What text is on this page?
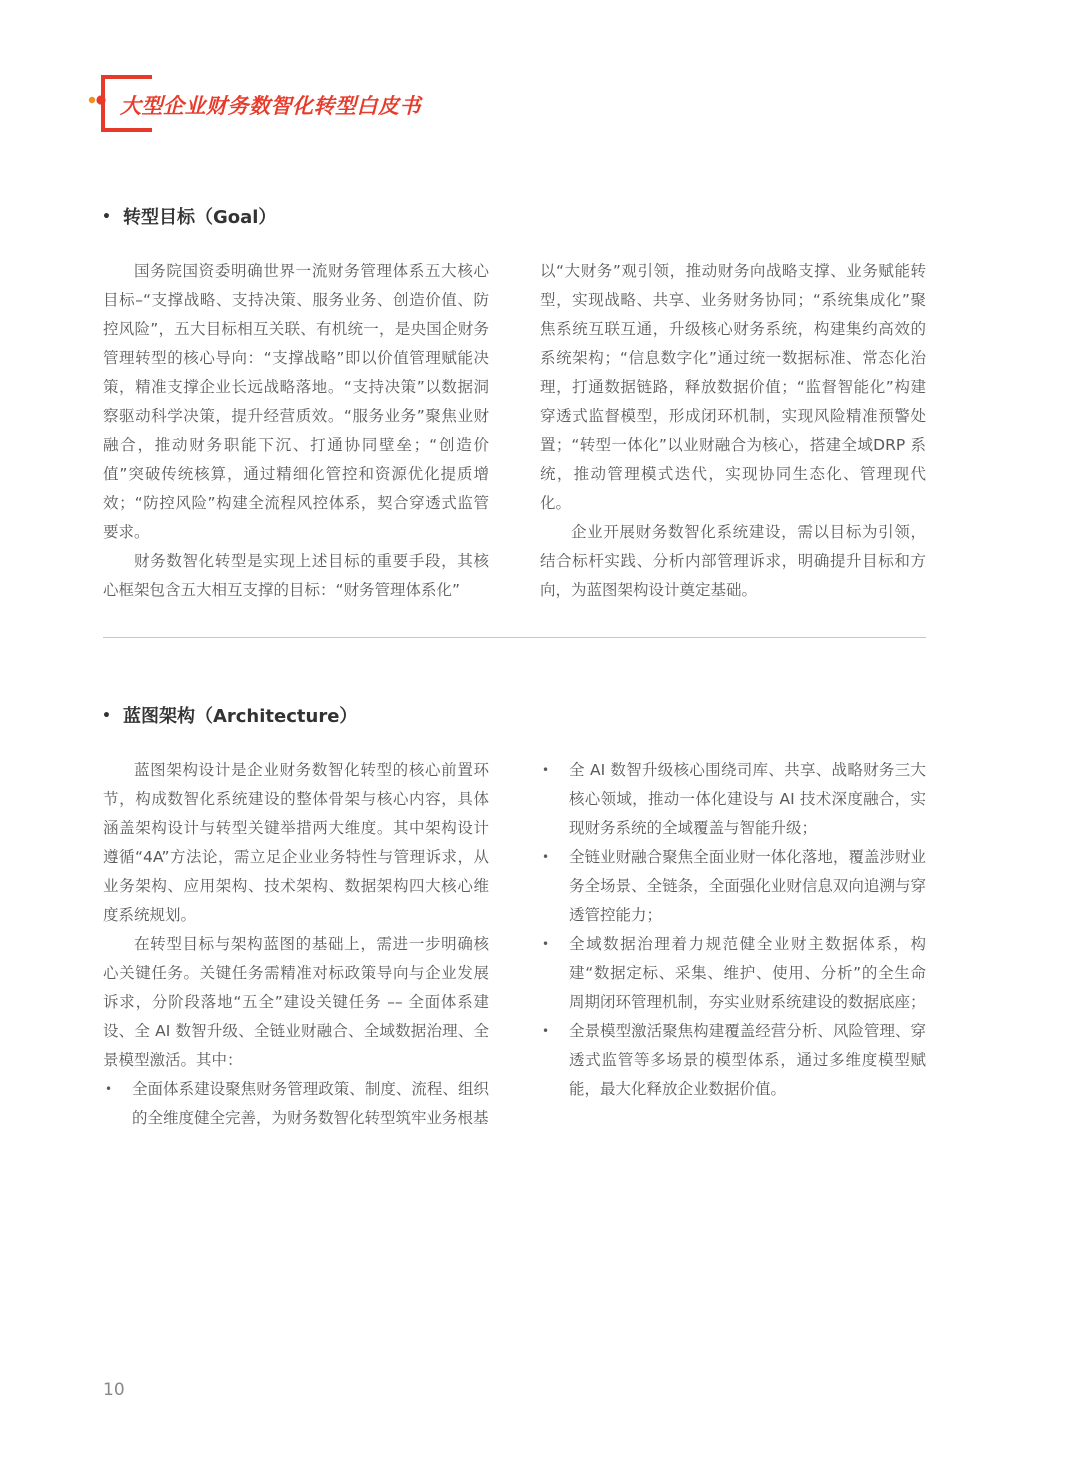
大型企业财务数智化转型白皮书
• 转型目标（Goal）

国务院国资委明确世界一流财务管理体系五大核心目标–“支撑战略、支持决策、服务业务、创造价值、防控风险”，五大目标相互关联、有机统一，是央国企财务管理转型的核心导向：“支撑战略”即以价值管理赋能决策，精准支撑企业长远战略落地。“支持决策”以数据洞察驱动科学决策，提升经营质效。“服务业务”聚焦业财融合，推动财务职能下沉、打通协同壁垒；“创造价值”突破传统核算，通过精细化管控和资源优化提质增效；“防控风险”构建全流程风控体系，契合穿透式监管要求。

财务数智化转型是实现上述目标的重要手段，其核心框架包含五大相互支撑的目标：“财务管理体系化”

以“大财务”观引领，推动财务向战略支撑、业务赋能转型，实现战略、共享、业务财务协同；“系统集成化”聚焦系统互联互通，升级核心财务系统，构建集约高效的系统架构；“信息数字化”通过统一数据标准、常态化治理，打通数据链路，释放数据价值；“监督智能化”构建穿透式监督模型，形成闭环机制，实现风险精准预警处置；“转型一体化”以业财融合为核心，搭建全域DRP 系统，推动管理模式迭代，实现协同生态化、管理现代化。

企业开展财务数智化系统建设，需以目标为引领，结合标杆实践、分析内部管理诉求，明确提升目标和方向，为蓝图架构设计奠定基础。

• 蓝图架构（Architecture）

蓝图架构设计是企业财务数智化转型的核心前置环节，构成数智化系统建设的整体骨架与核心内容，具体涵盖架构设计与转型关键举措两大维度。其中架构设计遵循“4A”方法论，需立足企业业务特性与管理诉求，从业务架构、应用架构、技术架构、数据架构四大核心维度系统规划。

在转型目标与架构蓝图的基础上，需进一步明确核心关键任务。关键任务需精准对标政策导向与企业发展诉求，分阶段落地“五全”建设关键任务 –– 全面体系建设、全 AI 数智升级、全链业财融合、全域数据治理、全景模型激活。其中：

• 全面体系建设聚焦财务管理政策、制度、流程、组织的全维度健全完善，为财务数智化转型筑牢业务根基
• 全 AI 数智升级核心围绕司库、共享、战略财务三大核心领域，推动一体化建设与 AI 技术深度融合，实现财务系统的全域覆盖与智能升级；
• 全链业财融合聚焦全面业财一体化落地，覆盖涉财业务全场景、全链条，全面强化业财信息双向追溯与穿透管控能力；
• 全域数据治理着力规范健全业财主数据体系，构建“数据定标、采集、维护、使用、分析”的全生命周期闭环管理机制，夯实业财系统建设的数据底座；
• 全景模型激活聚焦构建覆盖经营分析、风险管理、穿透式监管等多场景的模型体系，通过多维度模型赋能，最大化释放企业数据价值。
10
